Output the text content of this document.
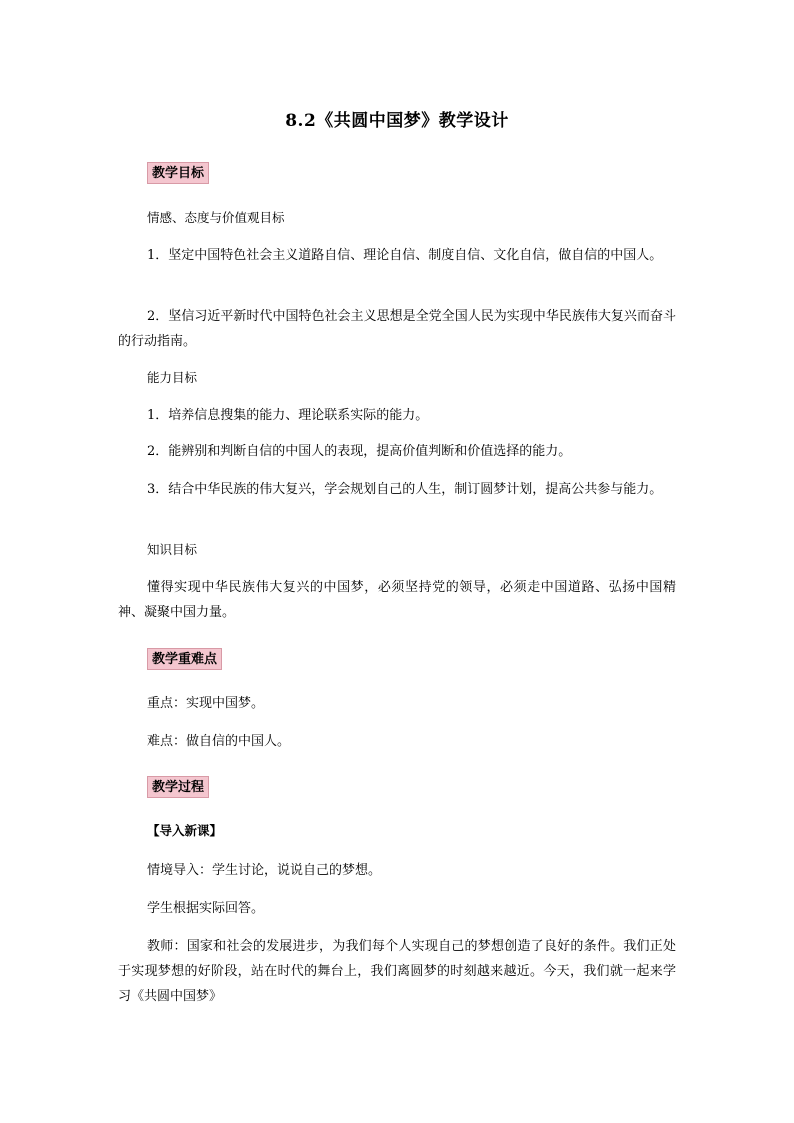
8.2《共圆中国梦》教学设计
教学目标
情感、态度与价值观目标
1．坚定中国特色社会主义道路自信、理论自信、制度自信、文化自信，做自信的中国人。
2．坚信习近平新时代中国特色社会主义思想是全党全国人民为实现中华民族伟大复兴而奋斗的行动指南。
能力目标
1．培养信息搜集的能力、理论联系实际的能力。
2．能辨别和判断自信的中国人的表现，提高价值判断和价值选择的能力。
3．结合中华民族的伟大复兴，学会规划自己的人生，制订圆梦计划，提高公共参与能力。
知识目标
懂得实现中华民族伟大复兴的中国梦，必须坚持党的领导，必须走中国道路、弘扬中国精神、凝聚中国力量。
教学重难点
重点：实现中国梦。
难点：做自信的中国人。
教学过程
【导入新课】
情境导入：学生讨论，说说自己的梦想。
学生根据实际回答。
教师：国家和社会的发展进步，为我们每个人实现自己的梦想创造了良好的条件。我们正处于实现梦想的好阶段，站在时代的舞台上，我们离圆梦的时刻越来越近。今天，我们就一起来学习《共圆中国梦》
